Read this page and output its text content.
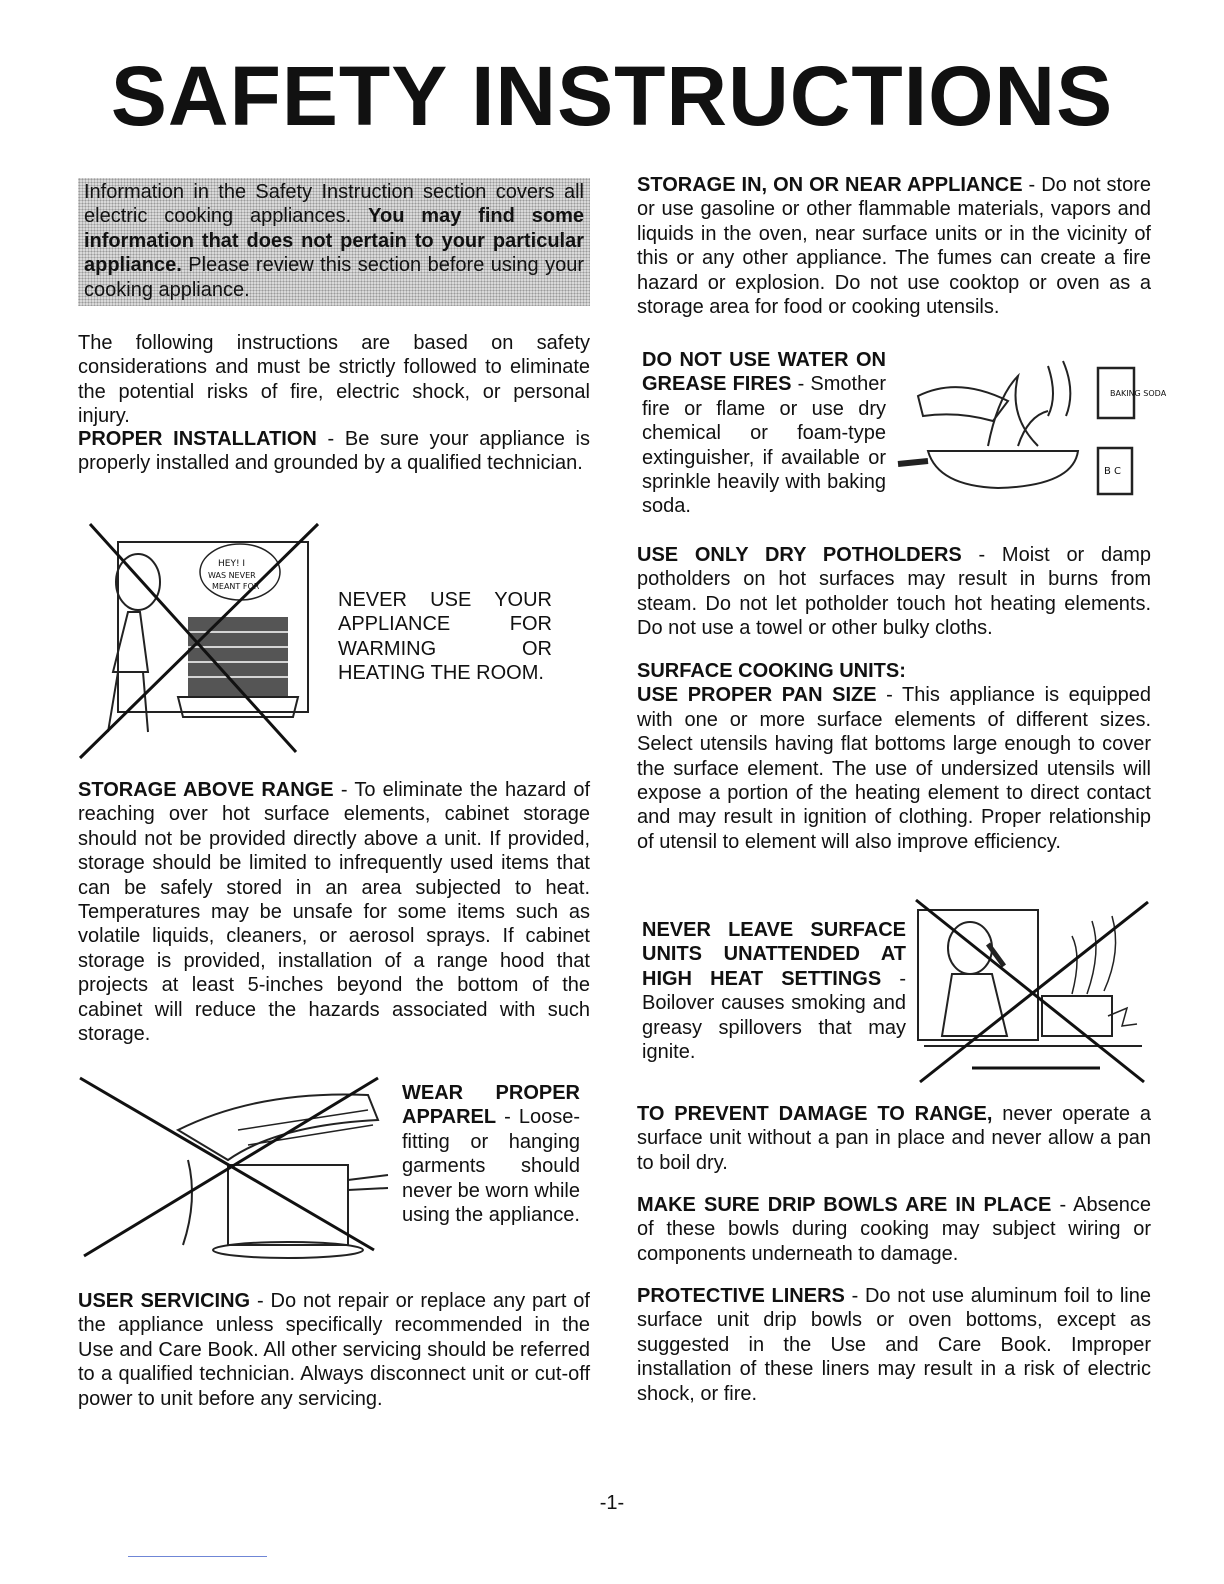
SAFETY INSTRUCTIONS
Information in the Safety Instruction section covers all electric cooking appliances. You may find some information that does not pertain to your particular appliance. Please review this section before using your cooking appliance.

The following instructions are based on safety considerations and must be strictly followed to eliminate the potential risks of fire, electric shock, or personal injury.

PROPER INSTALLATION - Be sure your appliance is properly installed and grounded by a qualified technician.

HEY! I
WAS NEVER
MEANT FOR
NEVER USE YOUR APPLIANCE FOR WARMING OR HEATING THE ROOM.

STORAGE ABOVE RANGE - To eliminate the hazard of reaching over hot surface elements, cabinet storage should not be provided directly above a unit. If provided, storage should be limited to infrequently used items that can be safely stored in an area subjected to heat. Temperatures may be unsafe for some items such as volatile liquids, cleaners, or aerosol sprays. If cabinet storage is provided, installation of a range hood that projects at least 5-inches beyond the bottom of the cabinet will reduce the hazards associated with such storage.

WEAR PROPER APPAREL - Loose-fitting or hanging garments should never be worn while using the appliance.

USER SERVICING - Do not repair or replace any part of the appliance unless specifically recommended in the Use and Care Book. All other servicing should be referred to a qualified technician. Always disconnect unit or cut-off power to unit before any servicing.

STORAGE IN, ON OR NEAR APPLIANCE - Do not store or use gasoline or other flammable materials, vapors and liquids in the oven, near surface units or in the vicinity of this or any other appliance. The fumes can create a fire hazard or explosion. Do not use cooktop or oven as a storage area for food or cooking utensils.

DO NOT USE WATER ON GREASE FIRES - Smother fire or flame or use dry chemical or foam-type extinguisher, if available or sprinkle heavily with baking soda.

BAKING SODA
B C

USE ONLY DRY POTHOLDERS - Moist or damp potholders on hot surfaces may result in burns from steam. Do not let potholder touch hot heating elements. Do not use a towel or other bulky cloths.

SURFACE COOKING UNITS:
USE PROPER PAN SIZE - This appliance is equipped with one or more surface elements of different sizes. Select utensils having flat bottoms large enough to cover the surface element. The use of undersized utensils will expose a portion of the heating element to direct contact and may result in ignition of clothing. Proper relationship of utensil to element will also improve efficiency.

NEVER LEAVE SURFACE UNITS UNATTENDED AT HIGH HEAT SETTINGS - Boilover causes smoking and greasy spillovers that may ignite.

TO PREVENT DAMAGE TO RANGE, never operate a surface unit without a pan in place and never allow a pan to boil dry.

MAKE SURE DRIP BOWLS ARE IN PLACE - Absence of these bowls during cooking may subject wiring or components underneath to damage.

PROTECTIVE LINERS - Do not use aluminum foil to line surface unit drip bowls or oven bottoms, except as suggested in the Use and Care Book. Improper installation of these liners may result in a risk of electric shock, or fire.

-1-
